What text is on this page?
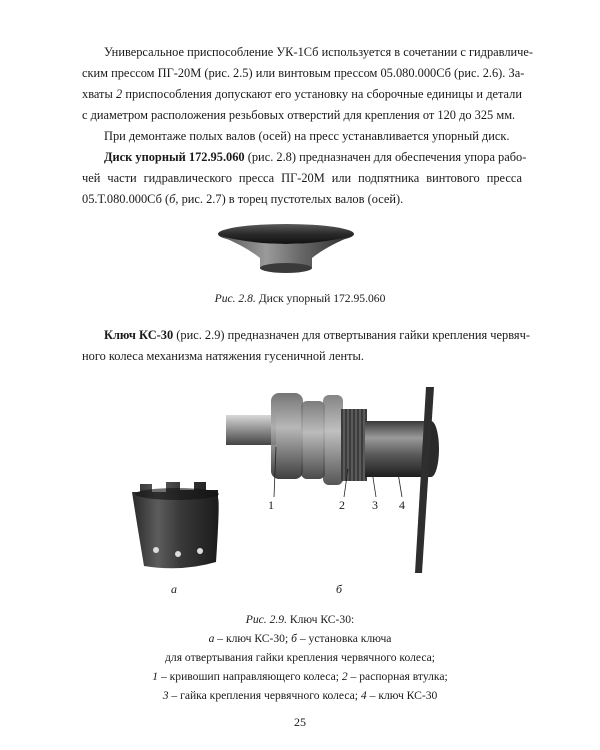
Универсальное приспособление УК-1Сб используется в сочетании с гидравличе-
ским прессом ПГ-20М (рис. 2.5) или винтовым прессом 05.080.000Сб (рис. 2.6). За-
хваты 2 приспособления допускают его установку на сборочные единицы и детали
с диаметром расположения резьбовых отверстий для крепления от 120 до 325 мм.
При демонтаже полых валов (осей) на пресс устанавливается упорный диск.
Диск упорный 172.95.060 (рис. 2.8) предназначен для обеспечения упора рабо-
чей части гидравлического пресса ПГ-20М или подпятника винтового пресса
05.Т.080.000Сб (б, рис. 2.7) в торец пустотелых валов (осей).
Рис. 2.8. Диск упорный 172.95.060
Ключ КС-30 (рис. 2.9) предназначен для отвертывания гайки крепления червяч-
ного колеса механизма натяжения гусеничной ленты.
1	2 3 4
а	б
Рис. 2.9. Ключ КС-30:
а – ключ КС-30; б – установка ключа
для отвертывания гайки крепления червячного колеса;
1 – кривошип направляющего колеса; 2 – распорная втулка;
3 – гайка крепления червячного колеса; 4 – ключ КС-30
25
